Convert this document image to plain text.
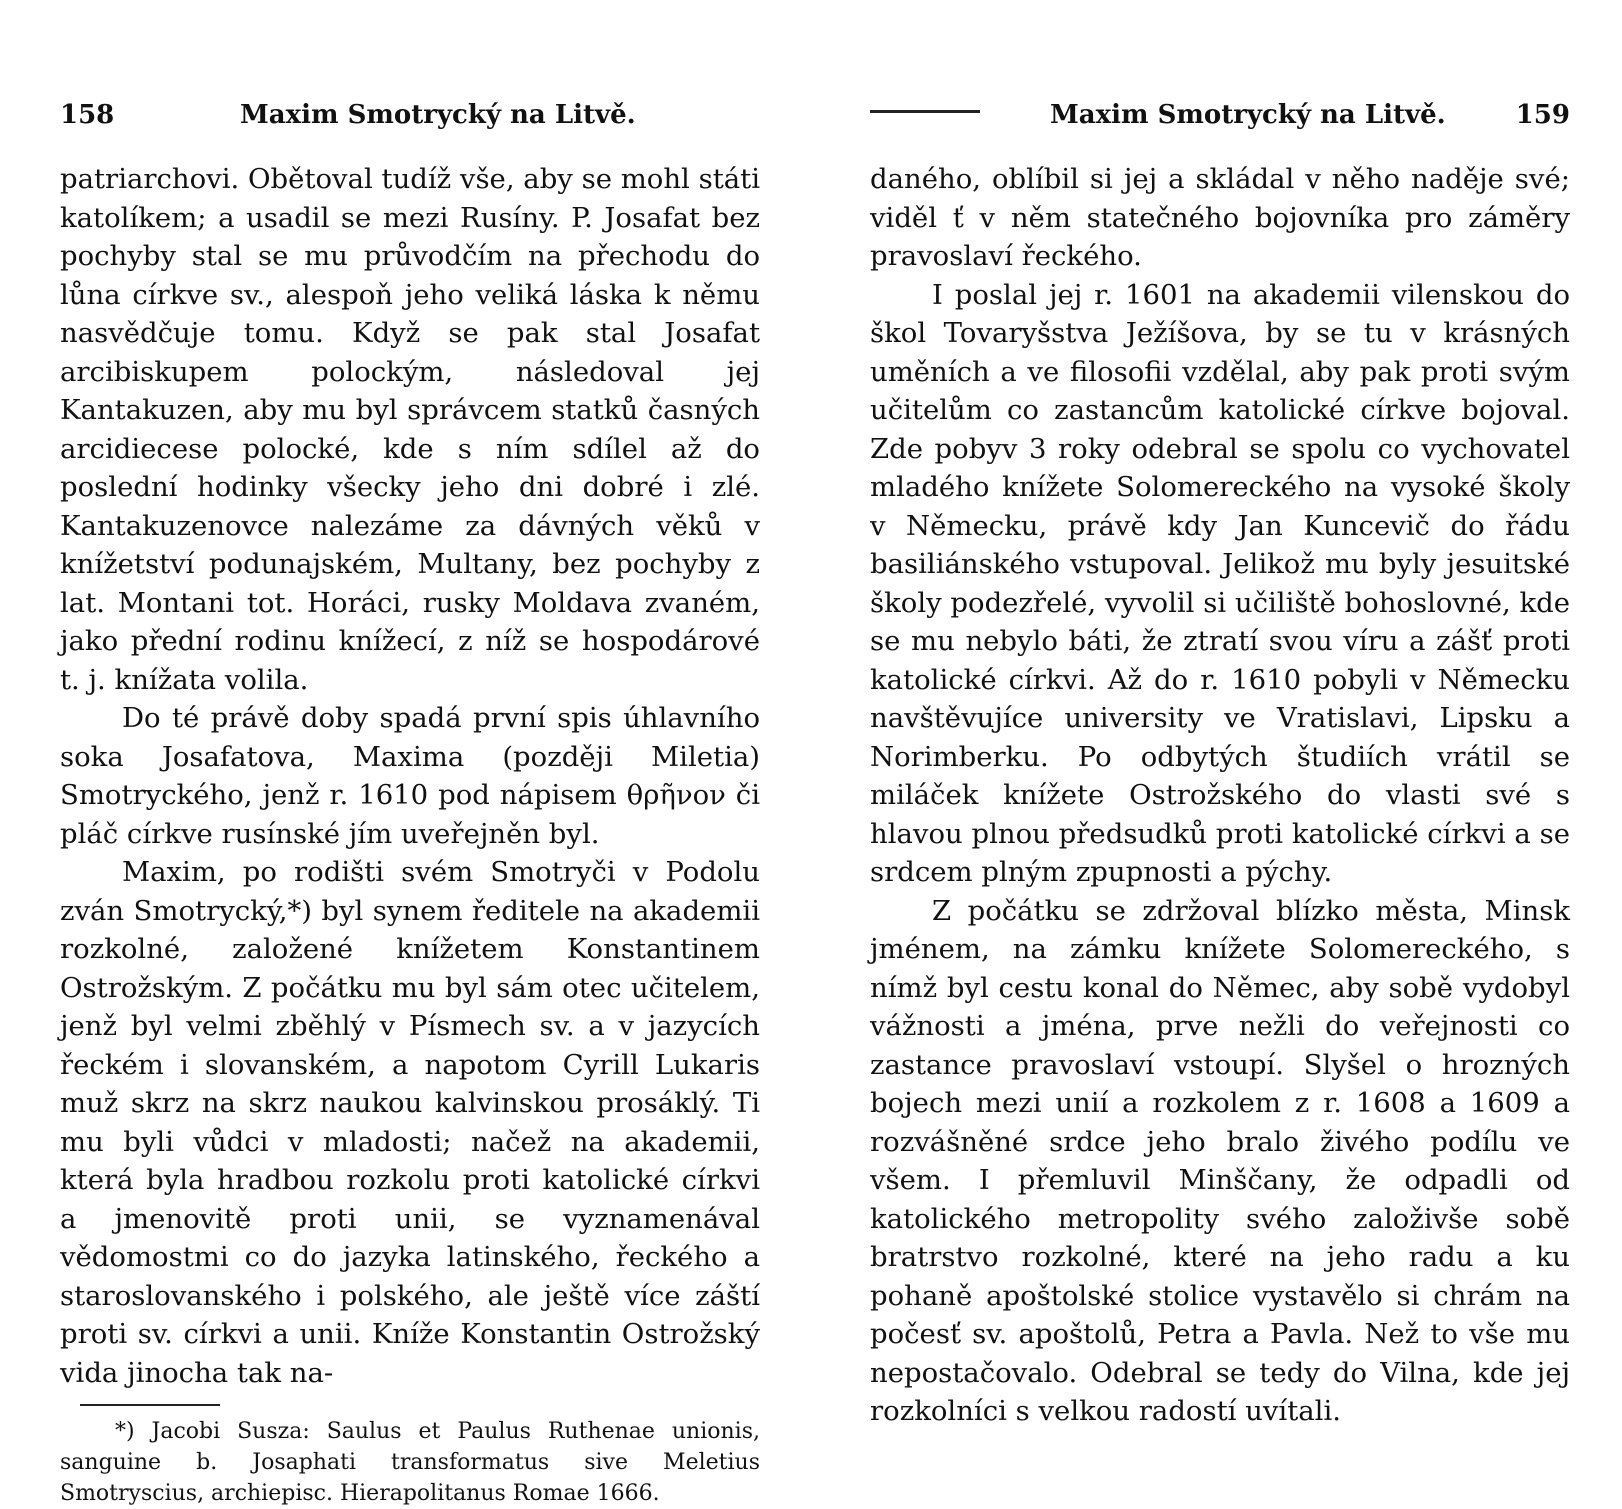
158	Maxim Smotrycký na Litvě.

patriarchovi. Obětoval tudíž vše, aby se mohl státi katolíkem; a usadil se mezi Rusíny. P. Josafat bez pochyby stal se mu průvodčím na přechodu do lůna církve sv., alespoň jeho veliká láska k němu nasvědčuje tomu. Když se pak stal Josafat arcibiskupem polockým, následoval jej Kantakuzen, aby mu byl správcem statků časných arcidiecese polocké, kde s ním sdílel až do poslední hodinky všecky jeho dni dobré i zlé. Kantakuzenovce nalezáme za dávných věků v knížetství podunajském, Multany, bez pochyby z lat. Montani tot. Horáci, rusky Moldava zvaném, jako přední rodinu knížecí, z níž se hospodárové t. j. knížata volila.

Do té právě doby spadá první spis úhlavního soka Josafatova, Maxima (později Miletia) Smotryckého, jenž r. 1610 pod nápisem θρῆνον či pláč církve rusínské jím uveřejněn byl.

Maxim, po rodišti svém Smotryči v Podolu zván Smotrycký,*) byl synem ředitele na akademii rozkolné, založené knížetem Konstantinem Ostrožským. Z počátku mu byl sám otec učitelem, jenž byl velmi zběhlý v Písmech sv. a v jazycích řeckém i slovanském, a napotom Cyrill Lukaris muž skrz na skrz naukou kalvinskou prosáklý. Ti mu byli vůdci v mladosti; načež na akademii, která byla hradbou rozkolu proti katolické církvi a jmenovitě proti unii, se vyznamenával vědomostmi co do jazyka latinského, řeckého a staroslovanského i polského, ale ještě více záští proti sv. církvi a unii. Kníže Konstantin Ostrožský vida jinocha tak na-

*) Jacobi Susza: Saulus et Paulus Ruthenae unionis, sanguine b. Josaphati transformatus sive Meletius Smotryscius, archiepisc. Hierapolitanus Romae 1666.

Maxim Smotrycký na Litvě.	159

daného, oblíbil si jej a skládal v něho naděje své; viděl ť v něm statečného bojovníka pro záměry pravoslaví řeckého.

I poslal jej r. 1601 na akademii vilenskou do škol Tovaryšstva Ježíšova, by se tu v krásných uměních a ve filosofii vzdělal, aby pak proti svým učitelům co zastancům katolické církve bojoval. Zde pobyv 3 roky odebral se spolu co vychovatel mladého knížete Solomereckého na vysoké školy v Německu, právě kdy Jan Kuncevič do řádu basiliánského vstupoval. Jelikož mu byly jesuitské školy podezřelé, vyvolil si učiliště bohoslovné, kde se mu nebylo báti, že ztratí svou víru a zášť proti katolické církvi. Až do r. 1610 pobyli v Německu navštěvujíce university ve Vratislavi, Lipsku a Norimberku. Po odbytých študiích vrátil se miláček knížete Ostrožského do vlasti své s hlavou plnou předsudků proti katolické církvi a se srdcem plným zpupnosti a pýchy.

Z počátku se zdržoval blízko města, Minsk jménem, na zámku knížete Solomereckého, s nímž byl cestu konal do Němec, aby sobě vydobyl vážnosti a jména, prve nežli do veřejnosti co zastance pravoslaví vstoupí. Slyšel o hrozných bojech mezi unií a rozkolem z r. 1608 a 1609 a rozvášněné srdce jeho bralo živého podílu ve všem. I přemluvil Minščany, že odpadli od katolického metropolity svého založivše sobě bratrstvo rozkolné, které na jeho radu a ku pohaně apoštolské stolice vystavělo si chrám na počesť sv. apoštolů, Petra a Pavla. Než to vše mu nepostačovalo. Odebral se tedy do Vilna, kde jej rozkolníci s velkou radostí uvítali.
